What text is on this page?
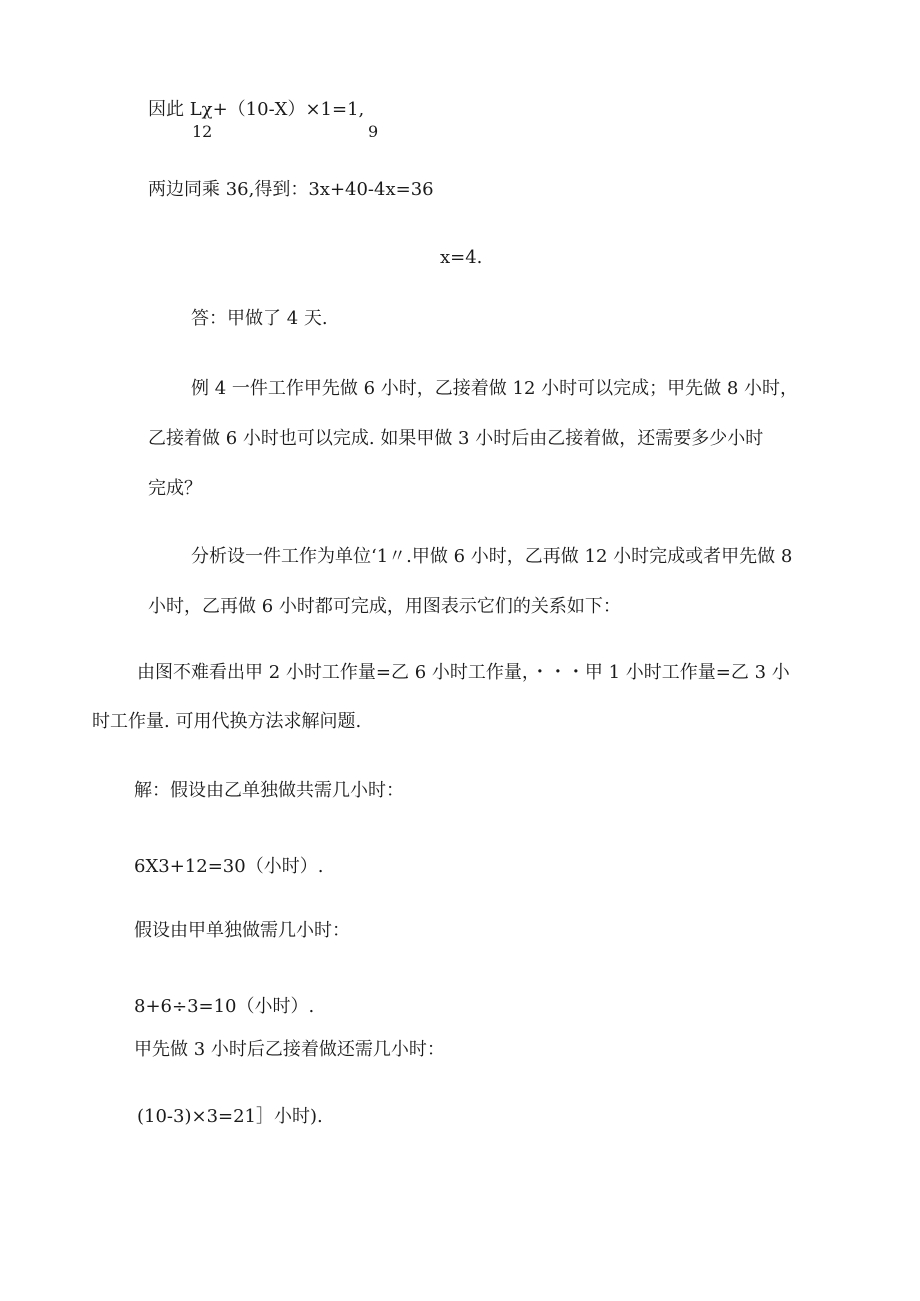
因此 Lχ+（10-X）×1=1,
12	9
两边同乘 36,得到：3x+40-4x=36
x=4.
答：甲做了 4 天.
例 4 一件工作甲先做 6 小时，乙接着做 12 小时可以完成；甲先做 8 小时，
乙接着做 6 小时也可以完成. 如果甲做 3 小时后由乙接着做，还需要多少小时
完成？
分析设一件工作为单位‘1〃.甲做 6 小时，乙再做 12 小时完成或者甲先做 8
小时，乙再做 6 小时都可完成，用图表示它们的关系如下：
由图不难看出甲 2 小时工作量=乙 6 小时工作量，・・・甲 1 小时工作量=乙 3 小
时工作量. 可用代换方法求解问题.
解：假设由乙单独做共需几小时：
6X3+12=30（小时）.
假设由甲单独做需几小时：
8+6÷3=10（小时）.
甲先做 3 小时后乙接着做还需几小时：
(10-3)×3=21］小时).
